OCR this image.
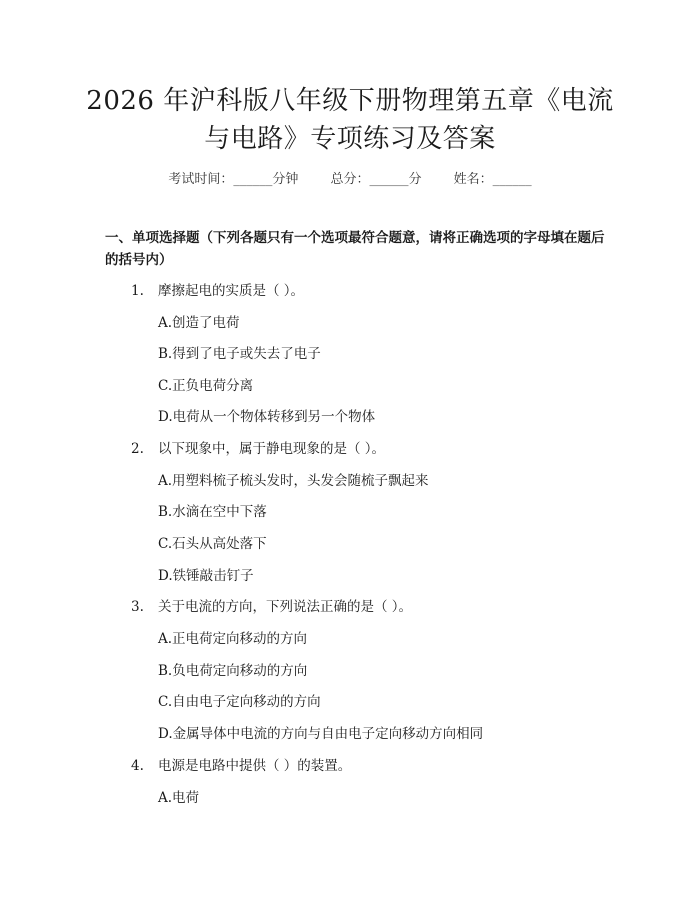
2026 年沪科版八年级下册物理第五章《电流
与电路》专项练习及答案
考试时间：______分钟 总分：______分 姓名：______
一、单项选择题（下列各题只有一个选项最符合题意，请将正确选项的字母填在题后的括号内）
1. 摩擦起电的实质是（ ）。
A.创造了电荷
B.得到了电子或失去了电子
C.正负电荷分离
D.电荷从一个物体转移到另一个物体
2. 以下现象中，属于静电现象的是（ ）。
A.用塑料梳子梳头发时，头发会随梳子飘起来
B.水滴在空中下落
C.石头从高处落下
D.铁锤敲击钉子
3. 关于电流的方向，下列说法正确的是（ ）。
A.正电荷定向移动的方向
B.负电荷定向移动的方向
C.自由电子定向移动的方向
D.金属导体中电流的方向与自由电子定向移动方向相同
4. 电源是电路中提供（ ）的装置。
A.电荷
